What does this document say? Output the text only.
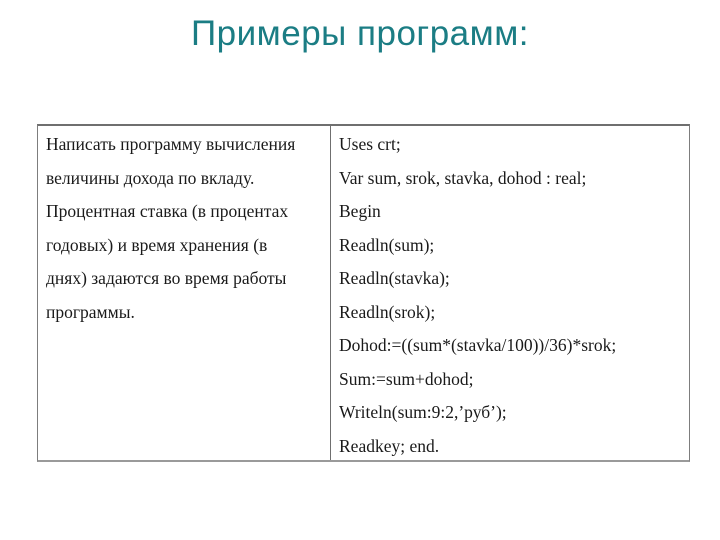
Примеры программ:
Написать программу вычисления
величины дохода по вкладу.
Процентная ставка (в процентах
годовых) и время хранения (в
днях) задаются во время работы
программы.
Uses crt;
Var sum, srok, stavka, dohod : real;
Begin
Readln(sum);
Readln(stavka);
Readln(srok);
Dohod:=((sum*(stavka/100))/36)*srok;
Sum:=sum+dohod;
Writeln(sum:9:2,’руб’);
Readkey; end.
